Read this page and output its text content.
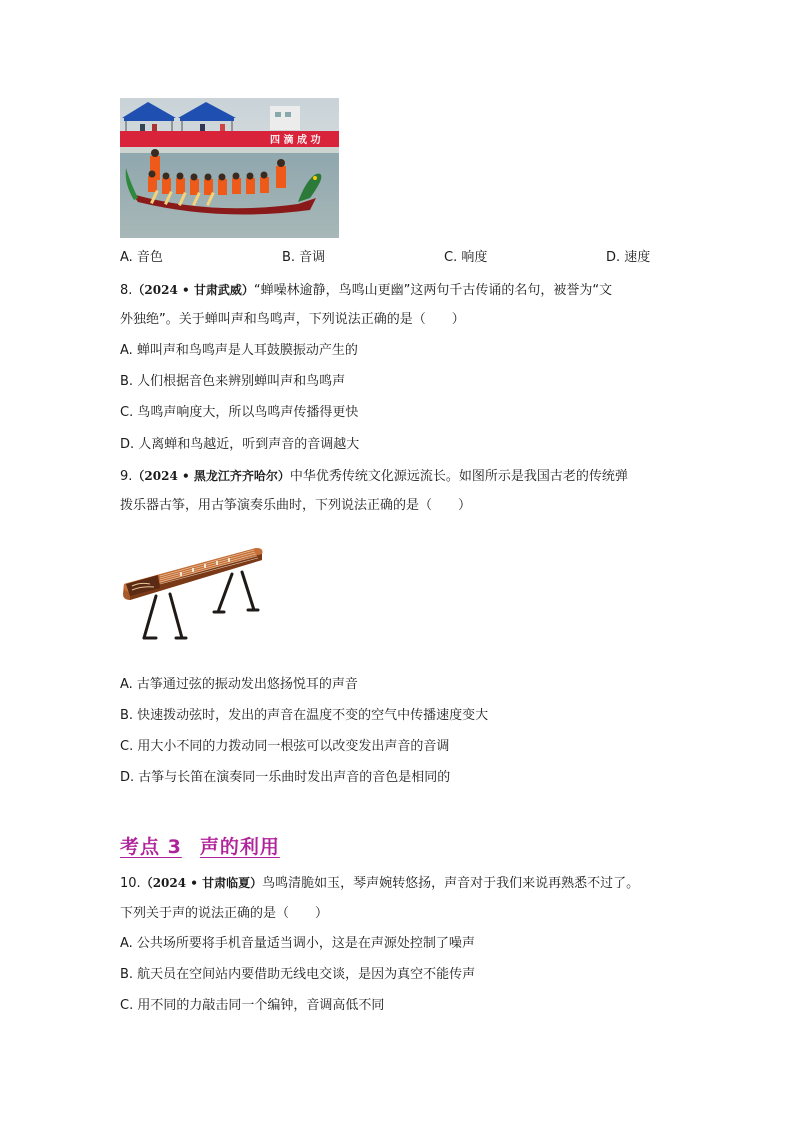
四 滴 成 功
A. 音色	B. 音调	C. 响度	D. 速度
8.（2024 • 甘肃武威）“蝉噪林逾静，鸟鸣山更幽”这两句千古传诵的名句，被誉为“文
外独绝”。关于蝉叫声和鸟鸣声，下列说法正确的是（　　）
A. 蝉叫声和鸟鸣声是人耳鼓膜振动产生的
B. 人们根据音色来辨别蝉叫声和鸟鸣声
C. 鸟鸣声响度大，所以鸟鸣声传播得更快
D. 人离蝉和鸟越近，听到声音的音调越大
9.（2024 • 黑龙江齐齐哈尔）中华优秀传统文化源远流长。如图所示是我国古老的传统弹
拨乐器古筝，用古筝演奏乐曲时，下列说法正确的是（　　）
A. 古筝通过弦的振动发出悠扬悦耳的声音
B. 快速拨动弦时，发出的声音在温度不变的空气中传播速度变大
C. 用大小不同的力拨动同一根弦可以改变发出声音的音调
D. 古筝与长笛在演奏同一乐曲时发出声音的音色是相同的
考点 3 声的利用
10.（2024 • 甘肃临夏）鸟鸣清脆如玉，琴声婉转悠扬，声音对于我们来说再熟悉不过了。
下列关于声的说法正确的是（　　）
A. 公共场所要将手机音量适当调小，这是在声源处控制了噪声
B. 航天员在空间站内要借助无线电交谈，是因为真空不能传声
C. 用不同的力敲击同一个编钟，音调高低不同
